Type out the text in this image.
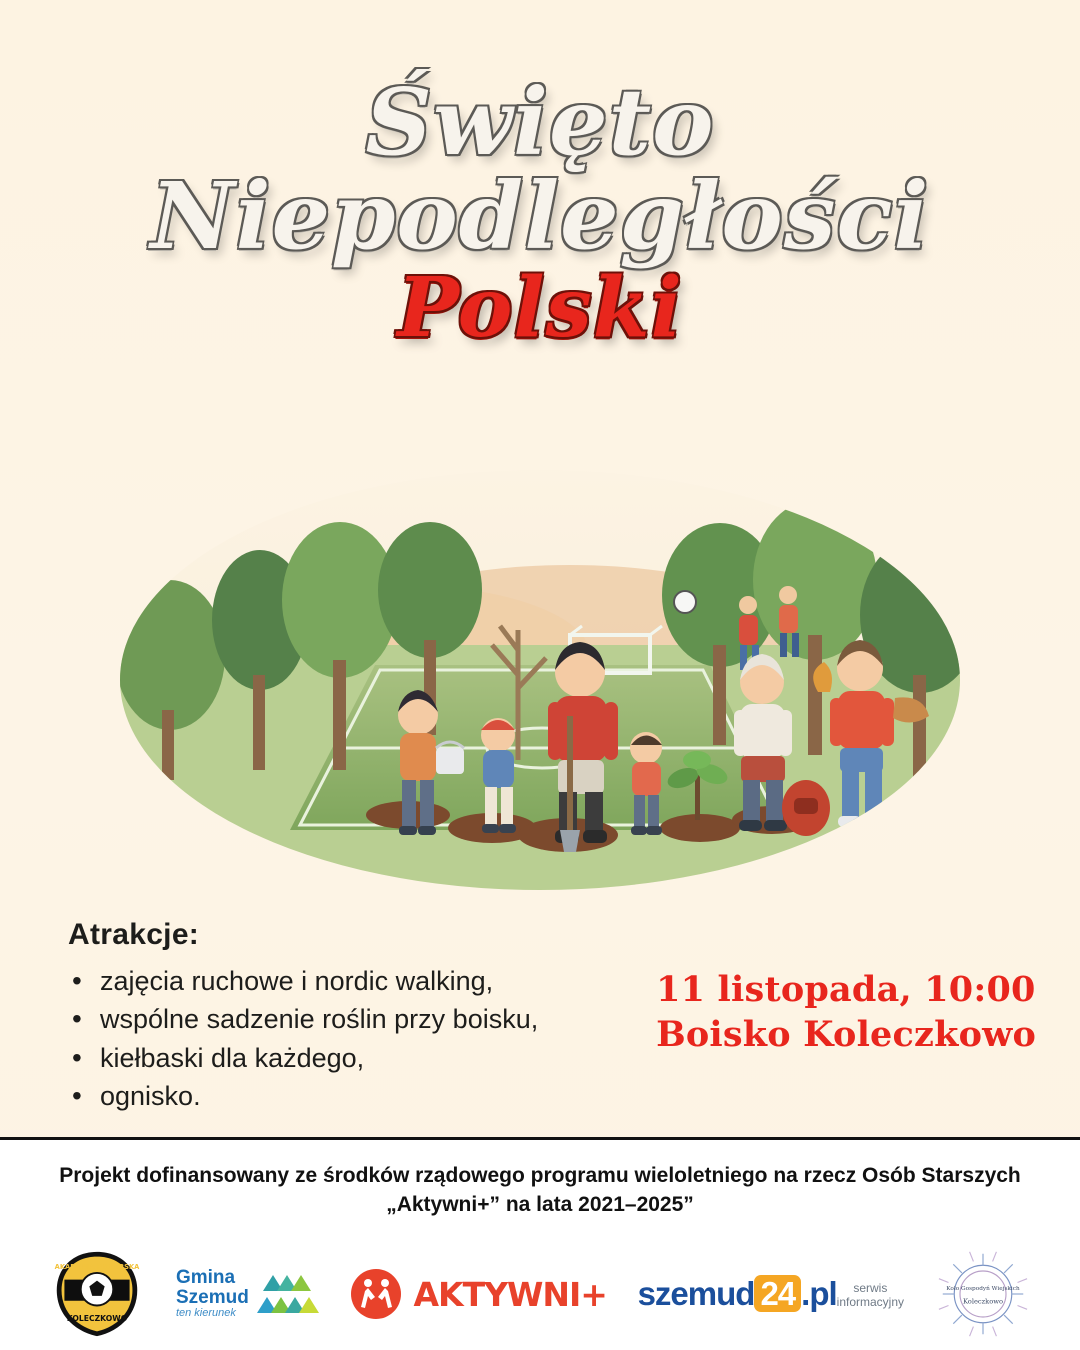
Święto
Niepodległości
Polski
Atrakcje:
• zajęcia ruchowe i nordic walking,
• wspólne sadzenie roślin przy boisku,
• kiełbaski dla każdego,
• ognisko.
11 listopada, 10:00
Boisko Koleczkowo

Projekt dofinansowany ze środków rządowego programu wieloletniego na rzecz Osób Starszych „Aktywni+” na lata 2021–2025”

AKADEMIA PIŁKARSKA
KOLECZKOWO
Gmina
Szemud
ten kierunek	AKTYWNI+ szemud 24 .pl	serwis
informacyjny
Koło Gospodyń Wiejskich
Koleczkowo
